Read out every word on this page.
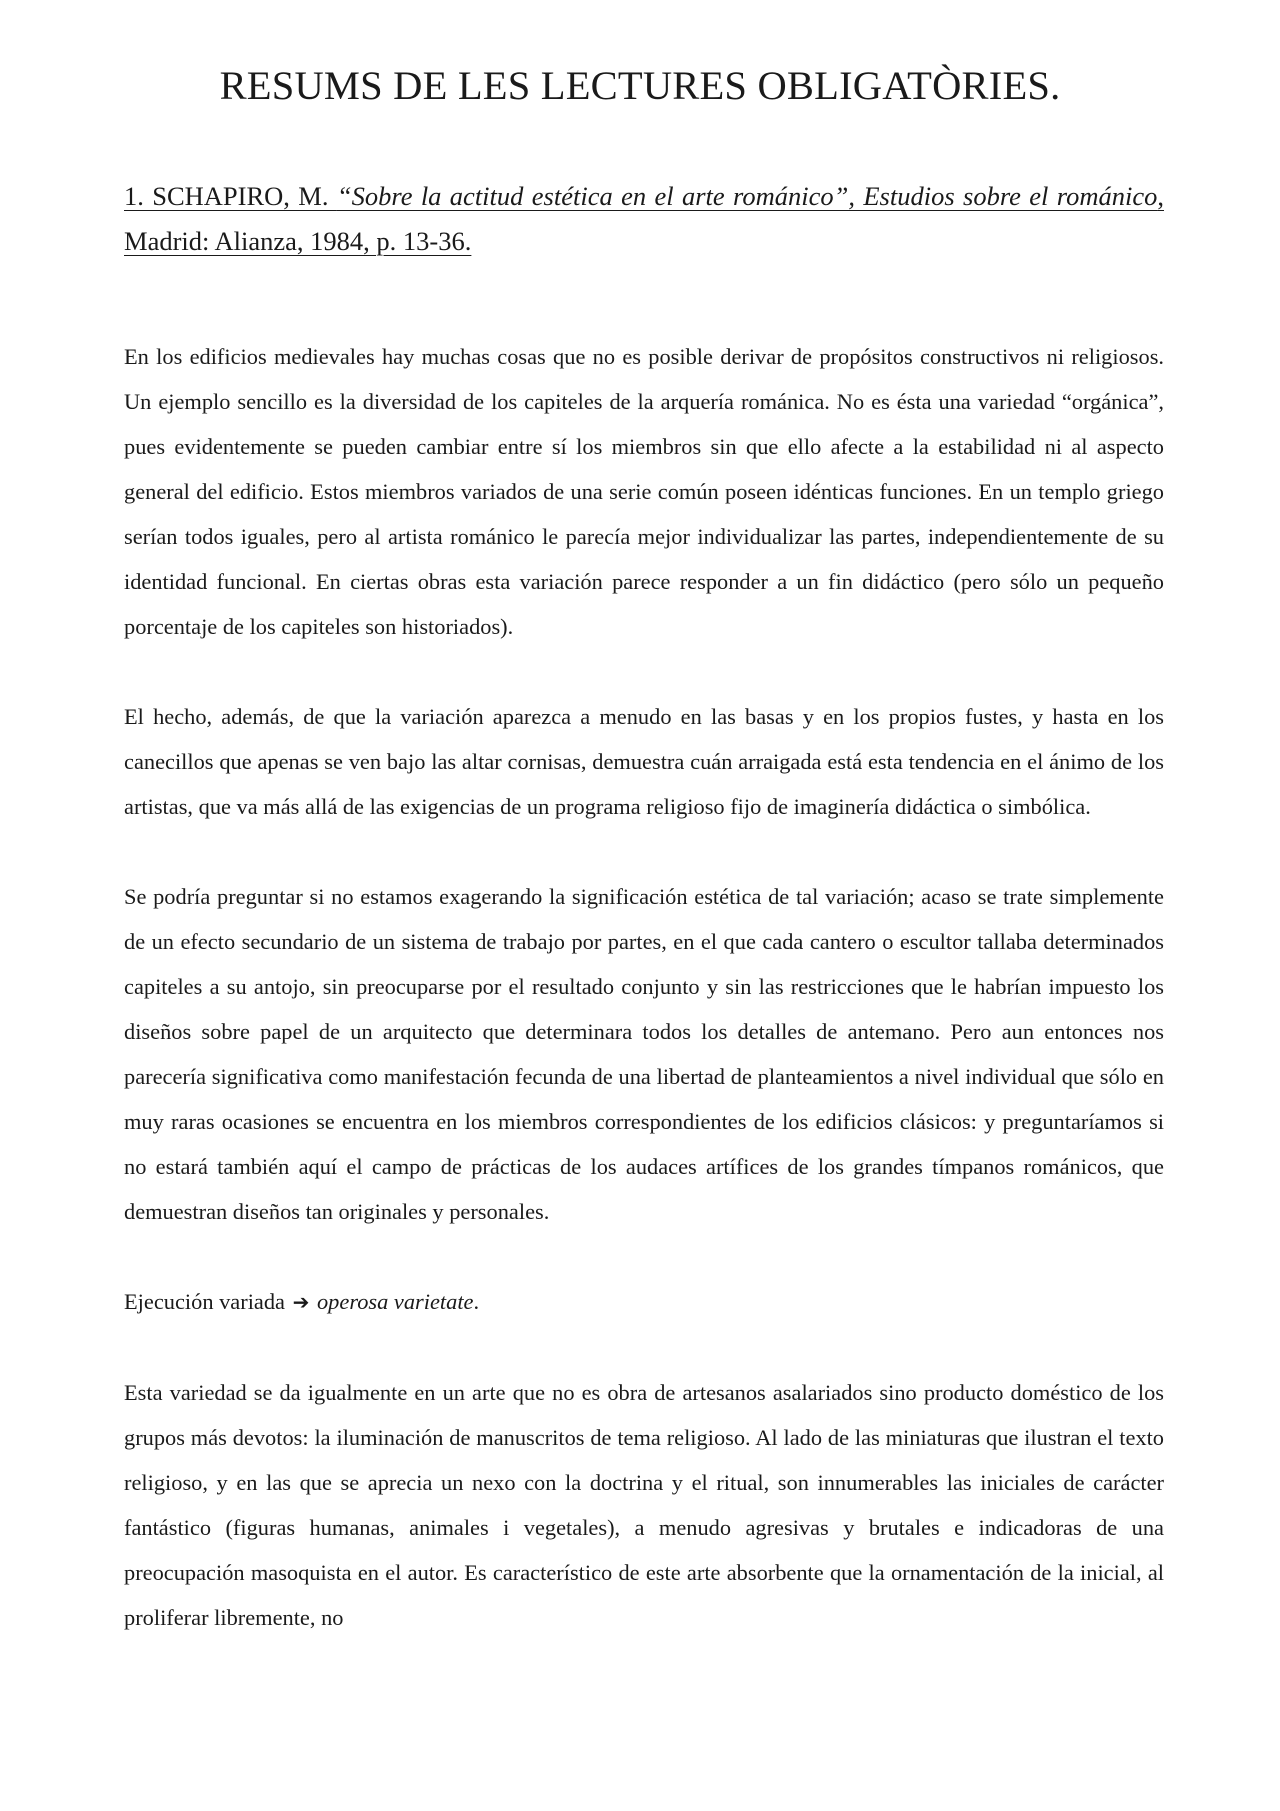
RESUMS DE LES LECTURES OBLIGATÒRIES.

1. SCHAPIRO, M. “Sobre la actitud estética en el arte románico”, Estudios sobre el románico, Madrid: Alianza, 1984, p. 13-36.

En los edificios medievales hay muchas cosas que no es posible derivar de propósitos constructivos ni religiosos. Un ejemplo sencillo es la diversidad de los capiteles de la arquería románica. No es ésta una variedad “orgánica”, pues evidentemente se pueden cambiar entre sí los miembros sin que ello afecte a la estabilidad ni al aspecto general del edificio. Estos miembros variados de una serie común poseen idénticas funciones. En un templo griego serían todos iguales, pero al artista románico le parecía mejor individualizar las partes, independientemente de su identidad funcional. En ciertas obras esta variación parece responder a un fin didáctico (pero sólo un pequeño porcentaje de los capiteles son historiados).

El hecho, además, de que la variación aparezca a menudo en las basas y en los propios fustes, y hasta en los canecillos que apenas se ven bajo las altar cornisas, demuestra cuán arraigada está esta tendencia en el ánimo de los artistas, que va más allá de las exigencias de un programa religioso fijo de imaginería didáctica o simbólica.

Se podría preguntar si no estamos exagerando la significación estética de tal variación; acaso se trate simplemente de un efecto secundario de un sistema de trabajo por partes, en el que cada cantero o escultor tallaba determinados capiteles a su antojo, sin preocuparse por el resultado conjunto y sin las restricciones que le habrían impuesto los diseños sobre papel de un arquitecto que determinara todos los detalles de antemano. Pero aun entonces nos parecería significativa como manifestación fecunda de una libertad de planteamientos a nivel individual que sólo en muy raras ocasiones se encuentra en los miembros correspondientes de los edificios clásicos: y preguntaríamos si no estará también aquí el campo de prácticas de los audaces artífices de los grandes tímpanos románicos, que demuestran diseños tan originales y personales.

Ejecución variada ➔ operosa varietate.

Esta variedad se da igualmente en un arte que no es obra de artesanos asalariados sino producto doméstico de los grupos más devotos: la iluminación de manuscritos de tema religioso. Al lado de las miniaturas que ilustran el texto religioso, y en las que se aprecia un nexo con la doctrina y el ritual, son innumerables las iniciales de carácter fantástico (figuras humanas, animales i vegetales), a menudo agresivas y brutales e indicadoras de una preocupación masoquista en el autor. Es característico de este arte absorbente que la ornamentación de la inicial, al proliferar libremente, no
